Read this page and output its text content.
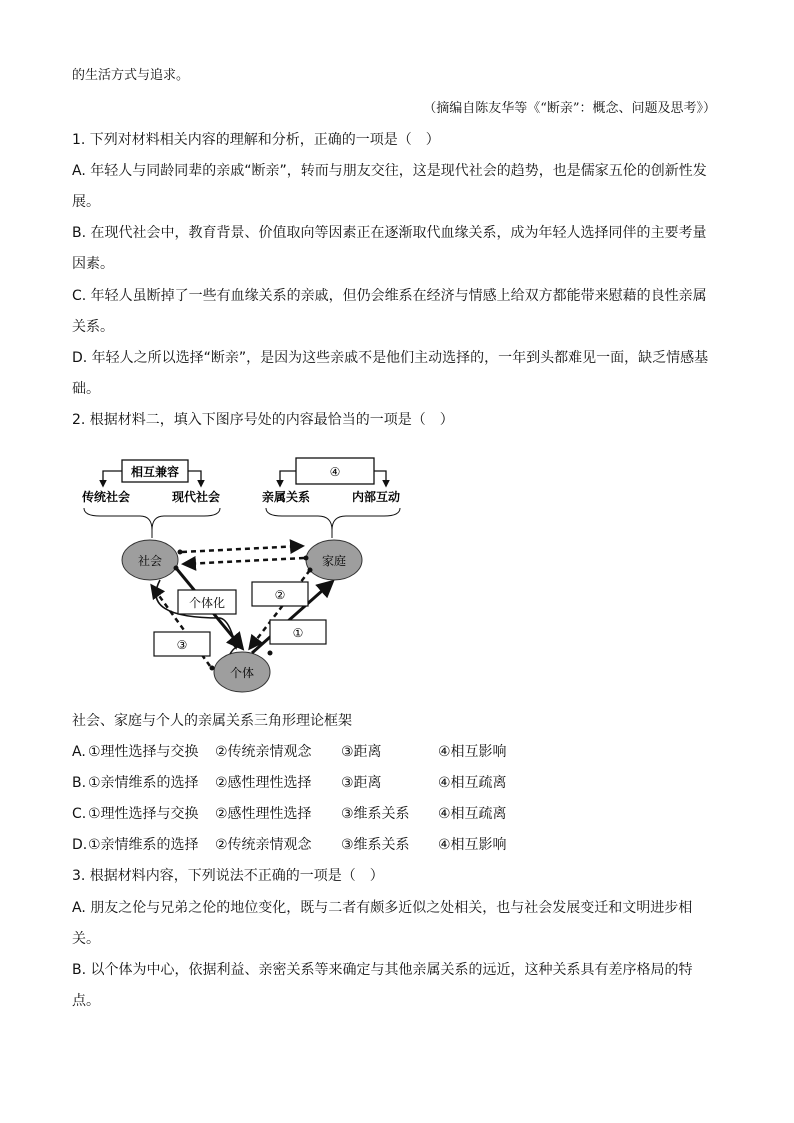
的生活方式与追求。
（摘编自陈友华等《“断亲”：概念、问题及思考》）
1. 下列对材料相关内容的理解和分析，正确的一项是（　）
A. 年轻人与同龄同辈的亲戚“断亲”，转而与朋友交往，这是现代社会的趋势，也是儒家五伦的创新性发
展。
B. 在现代社会中，教育背景、价值取向等因素正在逐渐取代血缘关系，成为年轻人选择同伴的主要考量
因素。
C. 年轻人虽断掉了一些有血缘关系的亲戚，但仍会维系在经济与情感上给双方都能带来慰藉的良性亲属
关系。
D. 年轻人之所以选择“断亲”，是因为这些亲戚不是他们主动选择的，一年到头都难见一面，缺乏情感基
础。
2. 根据材料二，填入下图序号处的内容最恰当的一项是（　）
相互兼容
传统社会	现代社会
④
亲属关系	内部互动
社会	家庭
个体
个体化
②
①
③
社会、家庭与个人的亲属关系三角形理论框架
A. ①理性选择与交换 ②传统亲情观念 ③距离	④相互影响
B. ①亲情维系的选择 ②感性理性选择 ③距离	④相互疏离
C. ①理性选择与交换 ②感性理性选择 ③维系关系 ④相互疏离
D. ①亲情维系的选择 ②传统亲情观念 ③维系关系 ④相互影响
3. 根据材料内容，下列说法不正确的一项是（　）
A. 朋友之伦与兄弟之伦的地位变化，既与二者有颇多近似之处相关，也与社会发展变迁和文明进步相
关。
B. 以个体为中心，依据利益、亲密关系等来确定与其他亲属关系的远近，这种关系具有差序格局的特
点。
